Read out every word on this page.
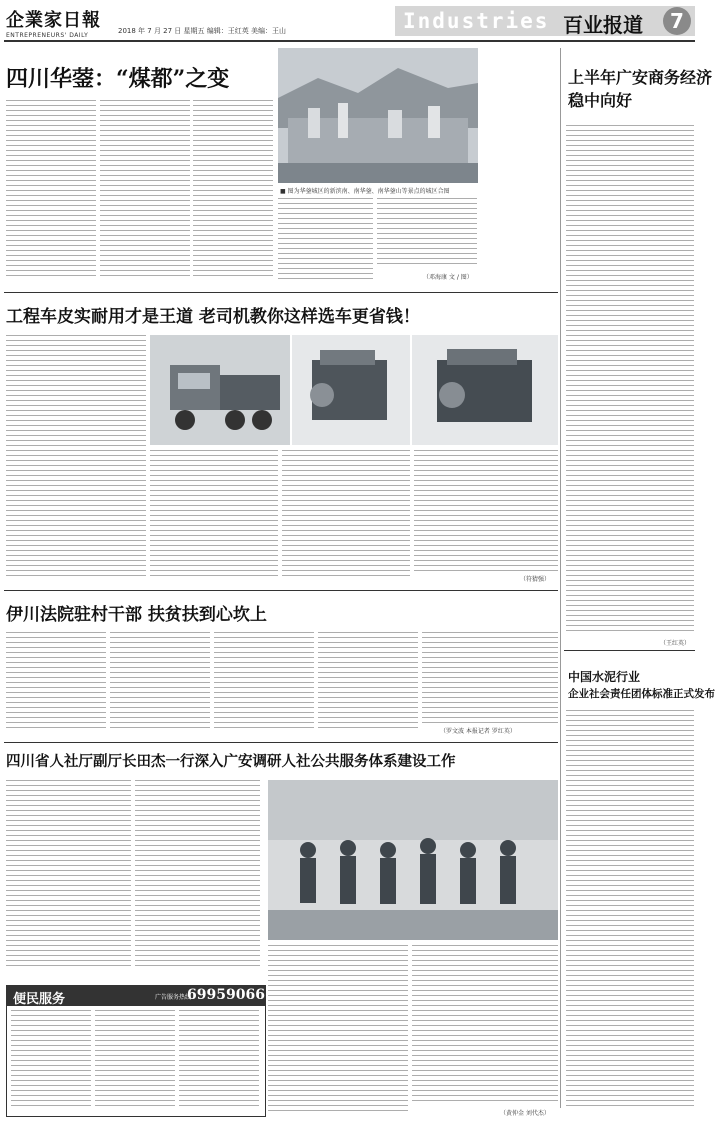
企業家日報
ENTREPRENEURS' DAILY
2018 年 7 月 27 日 星期五 编辑：王红英 美编：王山	Industries 百业报道	7
四川华蓥：“煤都”之变
■ 图为华蓥城区的新滨南、南华蓥、南华蓥山等景点的城区合图
（邓海康 文 / 图）
上半年广安商务经济
稳中向好
（王红英）
工程车皮实耐用才是王道 老司机教你这样选车更省钱！
（符猜强）
伊川法院驻村干部 扶贫扶到心坎上
（罗文波 本报记者 罗红英）
四川省人社厅副厅长田杰一行深入广安调研人社公共服务体系建设工作
便民服务	广告服务热线
69959066
（黄仲金 刘代杰）
中国水泥行业
企业社会责任团体标准正式发布
